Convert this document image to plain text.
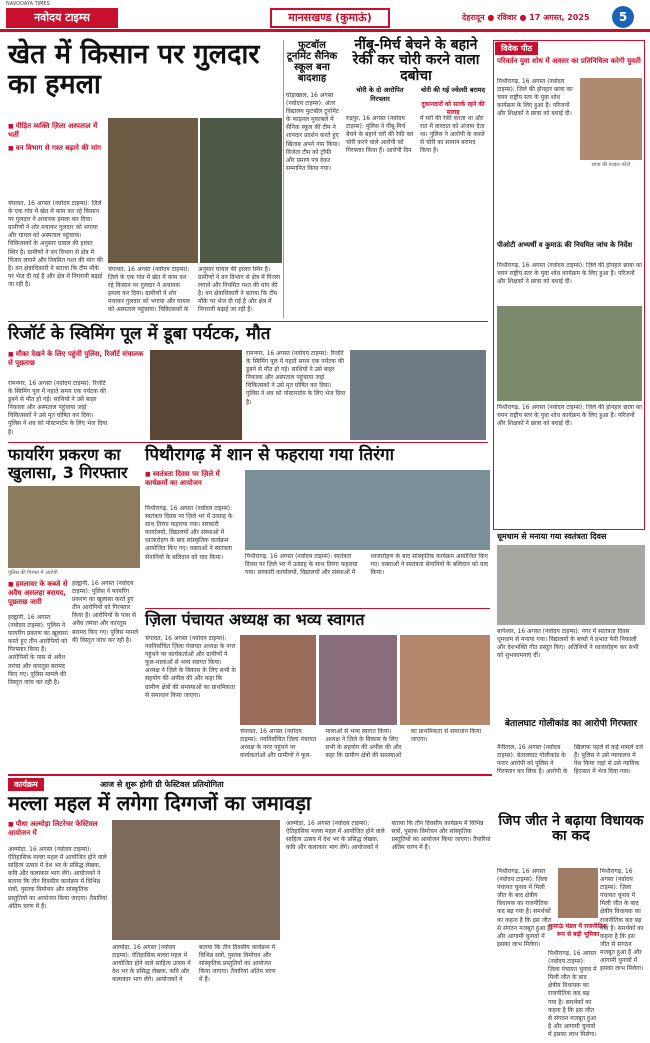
NAVODAYA TIMES
नवोदय टाइम्स	मानसखण्ड (कुमाऊं)	देहरादून ● रविवार ● 17 अगस्त, 2025	5
खेत में किसान पर गुलदार का हमला
■ पीड़ित व्यक्ति ज़िला अस्पताल में भर्ती
■ वन विभाग से गश्त बढ़ाने की मांग
चंपावत, 16 अगस्त (नवोदय टाइम्स): ज़िले के एक गांव में खेत में काम कर रहे किसान पर गुलदार ने अचानक हमला कर दिया। ग्रामीणों ने शोर मचाकर गुलदार को भगाया और घायल को अस्पताल पहुंचाया। चिकित्सकों के अनुसार घायल की हालत स्थिर है। ग्रामीणों ने वन विभाग से क्षेत्र में पिंजरा लगाने और नियमित गश्त की मांग की है। वन क्षेत्राधिकारी ने बताया कि टीम मौके पर भेज दी गई है और क्षेत्र में निगरानी बढ़ाई जा रही है।
चंपावत, 16 अगस्त (नवोदय टाइम्स): ज़िले के एक गांव में खेत में काम कर रहे किसान पर गुलदार ने अचानक हमला कर दिया। ग्रामीणों ने शोर मचाकर गुलदार को भगाया और घायल को अस्पताल पहुंचाया। चिकित्सकों के अनुसार घायल की हालत स्थिर है। ग्रामीणों ने वन विभाग से क्षेत्र में पिंजरा लगाने और नियमित गश्त की मांग की है। वन क्षेत्राधिकारी ने बताया कि टीम मौके पर भेज दी गई है और क्षेत्र में निगरानी बढ़ाई जा रही है।
फुटबॉल टूर्नामेंट सैनिक स्कूल बना बादशाह
घोड़ाखाल, 16 अगस्त (नवोदय टाइम्स): अंतर विद्यालय फुटबॉल टूर्नामेंट के फाइनल मुकाबले में सैनिक स्कूल की टीम ने शानदार प्रदर्शन करते हुए खिताब अपने नाम किया। विजेता टीम को ट्रॉफी और प्रमाण पत्र देकर सम्मानित किया गया।
नींबू-मिर्च बेचने के बहाने रेकी कर चोरी करने वाला दबोचा
चोरी के दो आरोपित गिरफ्तार
चोरी की गई ज्वेलरी बरामद
दुकानदारों को सतर्क रहने की सलाह
रुद्रपुर, 16 अगस्त (नवोदय टाइम्स): पुलिस ने नींबू-मिर्च बेचने के बहाने घरों की रेकी कर चोरी करने वाले आरोपी को गिरफ्तार किया है। आरोपी दिन में घरों की रेकी करता था और रात में वारदात को अंजाम देता था। पुलिस ने आरोपी के कब्जे से चोरी का सामान बरामद किया है।
विवेक पीठ
परिवर्तन युवा शोध में अवसर का प्रतिनिधित्व करेगी युवती
पिथौरागढ़, 16 अगस्त (नवोदय टाइम्स): ज़िले की होनहार छात्रा का चयन राष्ट्रीय स्तर के युवा शोध कार्यक्रम के लिए हुआ है। परिजनों और शिक्षकों ने छात्रा को बधाई दी।
छात्रा की फाइल फोटो
पीओटी अभ्यर्थी व कुमाऊं की नियमित जांच के निर्देश
पिथौरागढ़, 16 अगस्त (नवोदय टाइम्स): ज़िले की होनहार छात्रा का चयन राष्ट्रीय स्तर के युवा शोध कार्यक्रम के लिए हुआ है। परिजनों और शिक्षकों ने छात्रा को बधाई दी।
पिथौरागढ़, 16 अगस्त (नवोदय टाइम्स): ज़िले की होनहार छात्रा का चयन राष्ट्रीय स्तर के युवा शोध कार्यक्रम के लिए हुआ है। परिजनों और शिक्षकों ने छात्रा को बधाई दी।
रिजॉर्ट के स्विमिंग पूल में डूबा पर्यटक, मौत
■ मौका देखने के लिए पहुंची पुलिस, रिजॉर्ट संचालक से पूछताछ
रामनगर, 16 अगस्त (नवोदय टाइम्स): रिजॉर्ट के स्विमिंग पूल में नहाते समय एक पर्यटक की डूबने से मौत हो गई। साथियों ने उसे बाहर निकाला और अस्पताल पहुंचाया जहां चिकित्सकों ने उसे मृत घोषित कर दिया। पुलिस ने शव को पोस्टमार्टम के लिए भेज दिया है।
रामनगर, 16 अगस्त (नवोदय टाइम्स): रिजॉर्ट के स्विमिंग पूल में नहाते समय एक पर्यटक की डूबने से मौत हो गई। साथियों ने उसे बाहर निकाला और अस्पताल पहुंचाया जहां चिकित्सकों ने उसे मृत घोषित कर दिया। पुलिस ने शव को पोस्टमार्टम के लिए भेज दिया है।
फायरिंग प्रकरण का खुलासा, 3 गिरफ्तार
पुलिस की गिरफ्त में आरोपी
■ हमलावर के कब्जे से अवैध असलहा बरामद, पूछताछ जारी
हल्द्वानी, 16 अगस्त (नवोदय टाइम्स): पुलिस ने फायरिंग प्रकरण का खुलासा करते हुए तीन आरोपियों को गिरफ्तार किया है। आरोपियों के पास से अवैध तमंचा और कारतूस बरामद किए गए। पुलिस मामले की विस्तृत जांच कर रही है।
हल्द्वानी, 16 अगस्त (नवोदय टाइम्स): पुलिस ने फायरिंग प्रकरण का खुलासा करते हुए तीन आरोपियों को गिरफ्तार किया है। आरोपियों के पास से अवैध तमंचा और कारतूस बरामद किए गए। पुलिस मामले की विस्तृत जांच कर रही है।
पिथौरागढ़ में शान से फहराया गया तिरंगा
■ स्वतंत्रता दिवस पर ज़िले में कार्यक्रमों का आयोजन
पिथौरागढ़, 16 अगस्त (नवोदय टाइम्स): स्वतंत्रता दिवस पर ज़िले भर में उत्साह के साथ तिरंगा फहराया गया। सरकारी कार्यालयों, विद्यालयों और संस्थाओं में ध्वजारोहण के बाद सांस्कृतिक कार्यक्रम आयोजित किए गए। वक्ताओं ने स्वतंत्रता सेनानियों के बलिदान को याद किया।	पिथौरागढ़, 16 अगस्त (नवोदय टाइम्स): स्वतंत्रता दिवस पर ज़िले भर में उत्साह के साथ तिरंगा फहराया गया। सरकारी कार्यालयों, विद्यालयों और संस्थाओं में ध्वजारोहण के बाद सांस्कृतिक कार्यक्रम आयोजित किए गए। वक्ताओं ने स्वतंत्रता सेनानियों के बलिदान को याद किया।
धूमधाम से मनाया गया स्वतंत्रता दिवस
बागेश्वर, 16 अगस्त (नवोदय टाइम्स): नगर में स्वतंत्रता दिवस धूमधाम से मनाया गया। विद्यालयों के बच्चों ने प्रभात फेरी निकाली और देशभक्ति गीत प्रस्तुत किए। अतिथियों ने ध्वजारोहण कर सभी को शुभकामनाएं दीं।
ज़िला पंचायत अध्यक्ष का भव्य स्वागत
चंपावत, 16 अगस्त (नवोदय टाइम्स): नवनिर्वाचित ज़िला पंचायत अध्यक्ष के नगर पहुंचने पर कार्यकर्ताओं और ग्रामीणों ने फूल-मालाओं से भव्य स्वागत किया। अध्यक्ष ने ज़िले के विकास के लिए सभी के सहयोग की अपील की और कहा कि ग्रामीण क्षेत्रों की समस्याओं का प्राथमिकता से समाधान किया जाएगा।
चंपावत, 16 अगस्त (नवोदय टाइम्स): नवनिर्वाचित ज़िला पंचायत अध्यक्ष के नगर पहुंचने पर कार्यकर्ताओं और ग्रामीणों ने फूल-मालाओं से भव्य स्वागत किया। अध्यक्ष ने ज़िले के विकास के लिए सभी के सहयोग की अपील की और कहा कि ग्रामीण क्षेत्रों की समस्याओं का प्राथमिकता से समाधान किया जाएगा।
बेतालघाट गोलीकांड का आरोपी गिरफ्तार
नैनीताल, 16 अगस्त (नवोदय टाइम्स): बेतालघाट गोलीकांड के फरार आरोपी को पुलिस ने गिरफ्तार कर लिया है। आरोपी के खिलाफ पहले से कई मामले दर्ज हैं। पुलिस ने उसे न्यायालय में पेश किया जहां से उसे न्यायिक हिरासत में भेज दिया गया।
जिप जीत ने बढ़ाया विधायक का कद
कुमाऊं मंडल में राजनीतिक रूप से बढ़ी भूमिका
पिथौरागढ़, 16 अगस्त (नवोदय टाइम्स): ज़िला पंचायत चुनाव में मिली जीत के बाद क्षेत्रीय विधायक का राजनीतिक कद बढ़ गया है। समर्थकों का कहना है कि इस जीत से संगठन मजबूत हुआ है और आगामी चुनावों में इसका लाभ मिलेगा।
पिथौरागढ़, 16 अगस्त (नवोदय टाइम्स): ज़िला पंचायत चुनाव में मिली जीत के बाद क्षेत्रीय विधायक का राजनीतिक कद बढ़ गया है। समर्थकों का कहना है कि इस जीत से संगठन मजबूत हुआ है और आगामी चुनावों में इसका लाभ मिलेगा।
पिथौरागढ़, 16 अगस्त (नवोदय टाइम्स): ज़िला पंचायत चुनाव में मिली जीत के बाद क्षेत्रीय विधायक का राजनीतिक कद बढ़ गया है। समर्थकों का कहना है कि इस जीत से संगठन मजबूत हुआ है और आगामी चुनावों में इसका लाभ मिलेगा।
कार्यक्रम	आज से शुरू होगी ग्री फेस्टिवल प्रतियोगिता
मल्ला महल में लगेगा दिग्गजों का जमावड़ा
■ पौधा अल्मोड़ा लिटरेचर फेस्टिवल आयोजन में
अल्मोड़ा, 16 अगस्त (नवोदय टाइम्स): ऐतिहासिक मल्ला महल में आयोजित होने वाले साहित्य उत्सव में देश भर के प्रसिद्ध लेखक, कवि और कलाकार भाग लेंगे। आयोजकों ने बताया कि तीन दिवसीय कार्यक्रम में विभिन्न सत्रों, पुस्तक विमोचन और सांस्कृतिक प्रस्तुतियों का आयोजन किया जाएगा। तैयारियां अंतिम चरण में हैं।
अल्मोड़ा, 16 अगस्त (नवोदय टाइम्स): ऐतिहासिक मल्ला महल में आयोजित होने वाले साहित्य उत्सव में देश भर के प्रसिद्ध लेखक, कवि और कलाकार भाग लेंगे। आयोजकों ने बताया कि तीन दिवसीय कार्यक्रम में विभिन्न सत्रों, पुस्तक विमोचन और सांस्कृतिक प्रस्तुतियों का आयोजन किया जाएगा। तैयारियां अंतिम चरण में हैं।
अल्मोड़ा, 16 अगस्त (नवोदय टाइम्स): ऐतिहासिक मल्ला महल में आयोजित होने वाले साहित्य उत्सव में देश भर के प्रसिद्ध लेखक, कवि और कलाकार भाग लेंगे। आयोजकों ने बताया कि तीन दिवसीय कार्यक्रम में विभिन्न सत्रों, पुस्तक विमोचन और सांस्कृतिक प्रस्तुतियों का आयोजन किया जाएगा। तैयारियां अंतिम चरण में हैं।
